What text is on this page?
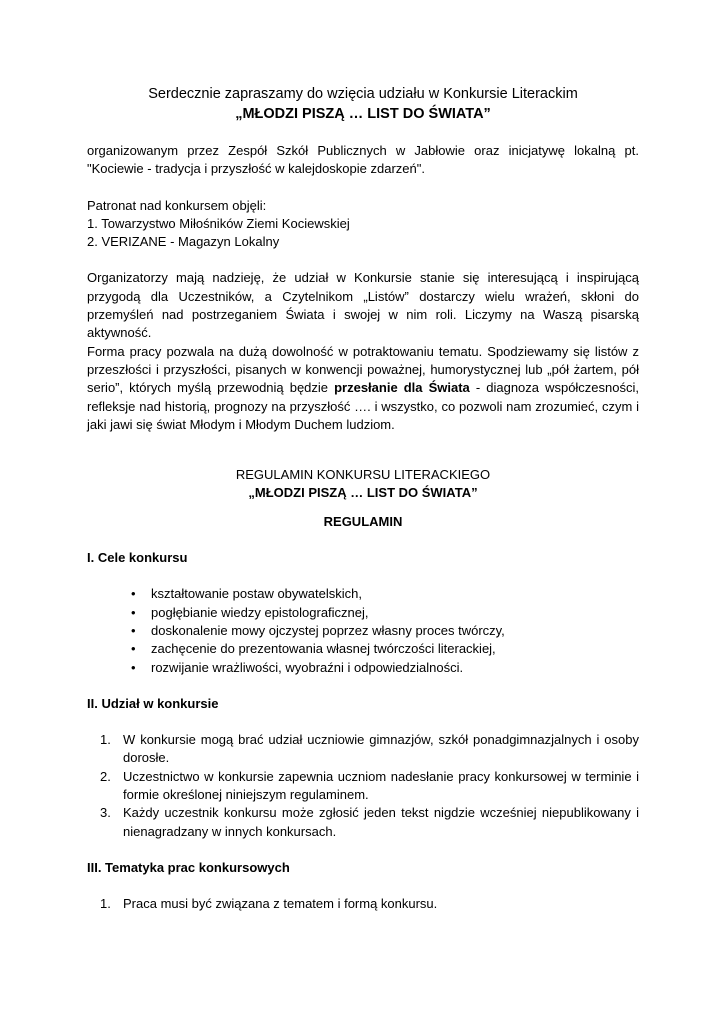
Serdecznie zapraszamy do wzięcia udziału w Konkursie Literackim

„MŁODZI PISZĄ … LIST DO ŚWIATA”

organizowanym przez Zespół Szkół Publicznych w Jabłowie oraz inicjatywę lokalną pt. "Kociewie - tradycja i przyszłość w kalejdoskopie zdarzeń".

Patronat nad konkursem objęli:

1. Towarzystwo Miłośników Ziemi Kociewskiej

2. VERIZANE - Magazyn Lokalny

Organizatorzy mają nadzieję, że udział w Konkursie stanie się interesującą i inspirującą przygodą dla Uczestników, a Czytelnikom „Listów” dostarczy wielu wrażeń, skłoni do przemyśleń nad postrzeganiem Świata i swojej w nim roli. Liczymy na Waszą pisarską aktywność.

Forma pracy pozwala na dużą dowolność w potraktowaniu tematu. Spodziewamy się listów z przeszłości i przyszłości, pisanych w konwencji poważnej, humorystycznej lub „pół żartem, pół serio”, których myślą przewodnią będzie przesłanie dla Świata - diagnoza współczesności, refleksje nad historią, prognozy na przyszłość …. i wszystko, co pozwoli nam zrozumieć, czym i jaki jawi się świat Młodym i Młodym Duchem ludziom.

REGULAMIN KONKURSU LITERACKIEGO

„MŁODZI PISZĄ … LIST DO ŚWIATA”

REGULAMIN

I. Cele konkursu

• kształtowanie postaw obywatelskich,
• pogłębianie wiedzy epistolograficznej,
• doskonalenie mowy ojczystej poprzez własny proces twórczy,
• zachęcenie do prezentowania własnej twórczości literackiej,
• rozwijanie wrażliwości, wyobraźni i odpowiedzialności.

II. Udział w konkursie

1. W konkursie mogą brać udział uczniowie gimnazjów, szkół ponadgimnazjalnych i osoby dorosłe.
2. Uczestnictwo w konkursie zapewnia uczniom nadesłanie pracy konkursowej w terminie i formie określonej niniejszym regulaminem.
3. Każdy uczestnik konkursu może zgłosić jeden tekst nigdzie wcześniej niepublikowany i nienagradzany w innych konkursach.

III. Tematyka prac konkursowych

1. Praca musi być związana z tematem i formą konkursu.
